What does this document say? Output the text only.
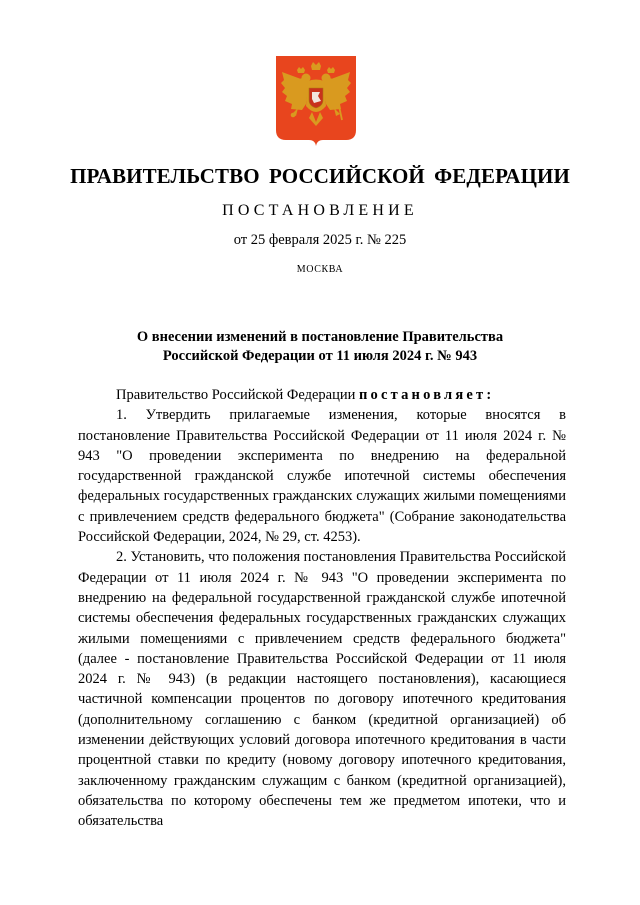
ПРАВИТЕЛЬСТВО РОССИЙСКОЙ ФЕДЕРАЦИИ
ПОСТАНОВЛЕНИЕ
от 25 февраля 2025 г. № 225
МОСКВА
О внесении изменений в постановление Правительства
Российской Федерации от 11 июля 2024 г. № 943

Правительство Российской Федерации постановляет:

1. Утвердить прилагаемые изменения, которые вносятся в постановление Правительства Российской Федерации от 11 июля 2024 г. № 943 "О проведении эксперимента по внедрению на федеральной государственной гражданской службе ипотечной системы обеспечения федеральных государственных гражданских служащих жилыми помещениями с привлечением средств федерального бюджета" (Собрание законодательства Российской Федерации, 2024, № 29, ст. 4253).

2. Установить, что положения постановления Правительства Российской Федерации от 11 июля 2024 г. № 943 "О проведении эксперимента по внедрению на федеральной государственной гражданской службе ипотечной системы обеспечения федеральных государственных гражданских служащих жилыми помещениями с привлечением средств федерального бюджета" (далее - постановление Правительства Российской Федерации от 11 июля 2024 г. № 943) (в редакции настоящего постановления), касающиеся частичной компенсации процентов по договору ипотечного кредитования (дополнительному соглашению с банком (кредитной организацией) об изменении действующих условий договора ипотечного кредитования в части процентной ставки по кредиту (новому договору ипотечного кредитования, заключенному гражданским служащим с банком (кредитной организацией), обязательства по которому обеспечены тем же предметом ипотеки, что и обязательства
